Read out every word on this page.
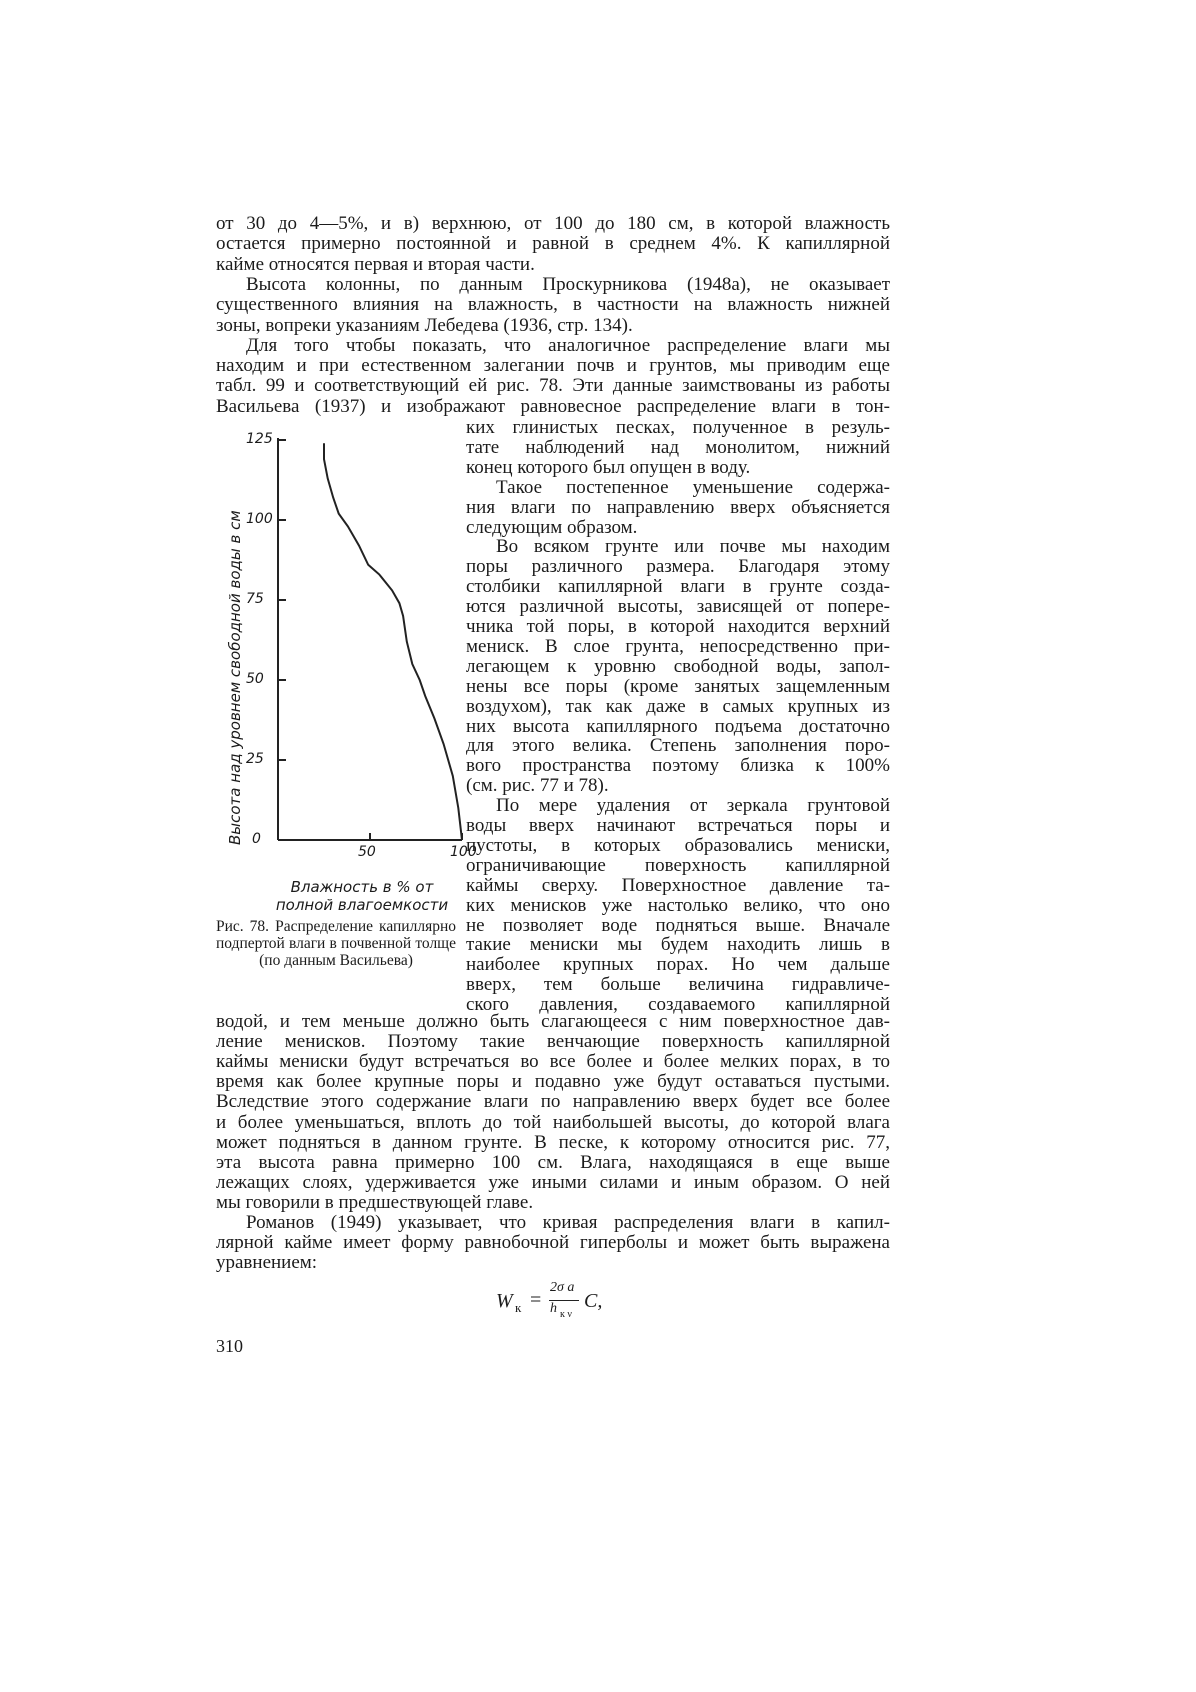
от 30 до 4—5%, и в) верхнюю, от 100 до 180 см, в которой влажность
остается примерно постоянной и равной в среднем 4%. К капиллярной
кайме относятся первая и вторая части.
Высота колонны, по данным Проскурникова (1948а), не оказывает
существенного влияния на влажность, в частности на влажность нижней
зоны, вопреки указаниям Лебедева (1936, стр. 134).
Для того чтобы показать, что аналогичное распределение влаги мы
находим и при естественном залегании почв и грунтов, мы приводим еще
табл. 99 и соответствующий ей рис. 78. Эти данные заимствованы из работы
Васильева (1937) и изображают равновесное распределение влаги в тон-
ких глинистых песках, полученное в резуль-
тате наблюдений над монолитом, нижний
конец которого был опущен в воду.
Такое постепенное уменьшение содержа-
ния влаги по направлению вверх объясняется
следующим образом.
Во всяком грунте или почве мы находим
поры различного размера. Благодаря этому
столбики капиллярной влаги в грунте созда-
ются различной высоты, зависящей от попере-
чника той поры, в которой находится верхний
мениск. В слое грунта, непосредственно при-
легающем к уровню свободной воды, запол-
нены все поры (кроме занятых защемленным
воздухом), так как даже в самых крупных из
них высота капиллярного подъема достаточно
для этого велика. Степень заполнения поро-
вого пространства поэтому близка к 100%
(см. рис. 77 и 78).
По мере удаления от зеркала грунтовой
воды вверх начинают встречаться поры и
пустоты, в которых образовались мениски,
ограничивающие поверхность капиллярной
каймы сверху. Поверхностное давление та-
ких менисков уже настолько велико, что оно
не позволяет воде подняться выше. Вначале
такие мениски мы будем находить лишь в
наиболее крупных порах. Но чем дальше
вверх, тем больше величина гидравличе-
ского давления, создаваемого капиллярной
водой, и тем меньше должно быть слагающееся с ним поверхностное дав-
ление менисков. Поэтому такие венчающие поверхность капиллярной
каймы мениски будут встречаться во все более и более мелких порах, в то
время как более крупные поры и подавно уже будут оставаться пустыми.
Вследствие этого содержание влаги по направлению вверх будет все более
и более уменьшаться, вплоть до той наибольшей высоты, до которой влага
может подняться в данном грунте. В песке, к которому относится рис. 77,
эта высота равна примерно 100 см. Влага, находящаяся в еще выше
лежащих слоях, удерживается уже иными силами и иным образом. О ней
мы говорили в предшествующей главе.
Романов (1949) указывает, что кривая распределения влаги в капил-
лярной кайме имеет форму равнобочной гиперболы и может быть выражена
уравнением:
0
25
50
75
100
125
50	100
Высота над уровнем свободной воды в см
Влажность в % от полной влагоемкости
Рис. 78. Распределение капиллярно подпертой влаги в почвенной толще (по данным Васильева)
W к =
2σ a
h к ν
C,
310
